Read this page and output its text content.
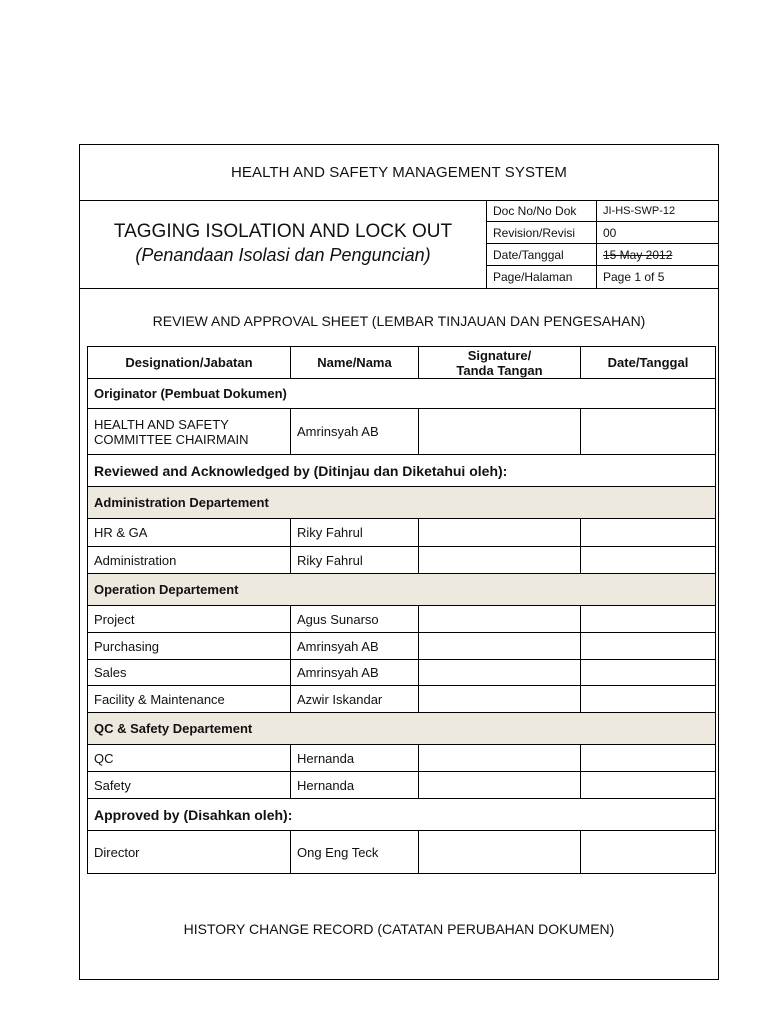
HEALTH AND SAFETY MANAGEMENT SYSTEM
TAGGING ISOLATION AND LOCK OUT
(Penandaan Isolasi dan Penguncian)
Doc No/No Dok	JI-HS-SWP-12
Revision/Revisi	00
Date/Tanggal	15 May 2012
Page/Halaman	Page 1 of 5
REVIEW AND APPROVAL SHEET (LEMBAR TINJAUAN DAN PENGESAHAN)
Designation/Jabatan	Name/Nama	Signature/
Tanda Tangan	Date/Tanggal
Originator (Pembuat Dokumen)			
HEALTH AND SAFETY
COMMITTEE CHAIRMAIN	Amrinsyah AB		
Reviewed and Acknowledged by (Ditinjau dan Diketahui oleh):			
Administration Departement			
HR & GA	Riky Fahrul		
Administration	Riky Fahrul		
Operation Departement			
Project	Agus Sunarso		
Purchasing	Amrinsyah AB		
Sales	Amrinsyah AB		
Facility & Maintenance	Azwir Iskandar		
QC & Safety Departement			
QC	Hernanda		
Safety	Hernanda		
Approved by (Disahkan oleh):			
Director	Ong Eng Teck		
HISTORY CHANGE RECORD (CATATAN PERUBAHAN DOKUMEN)
